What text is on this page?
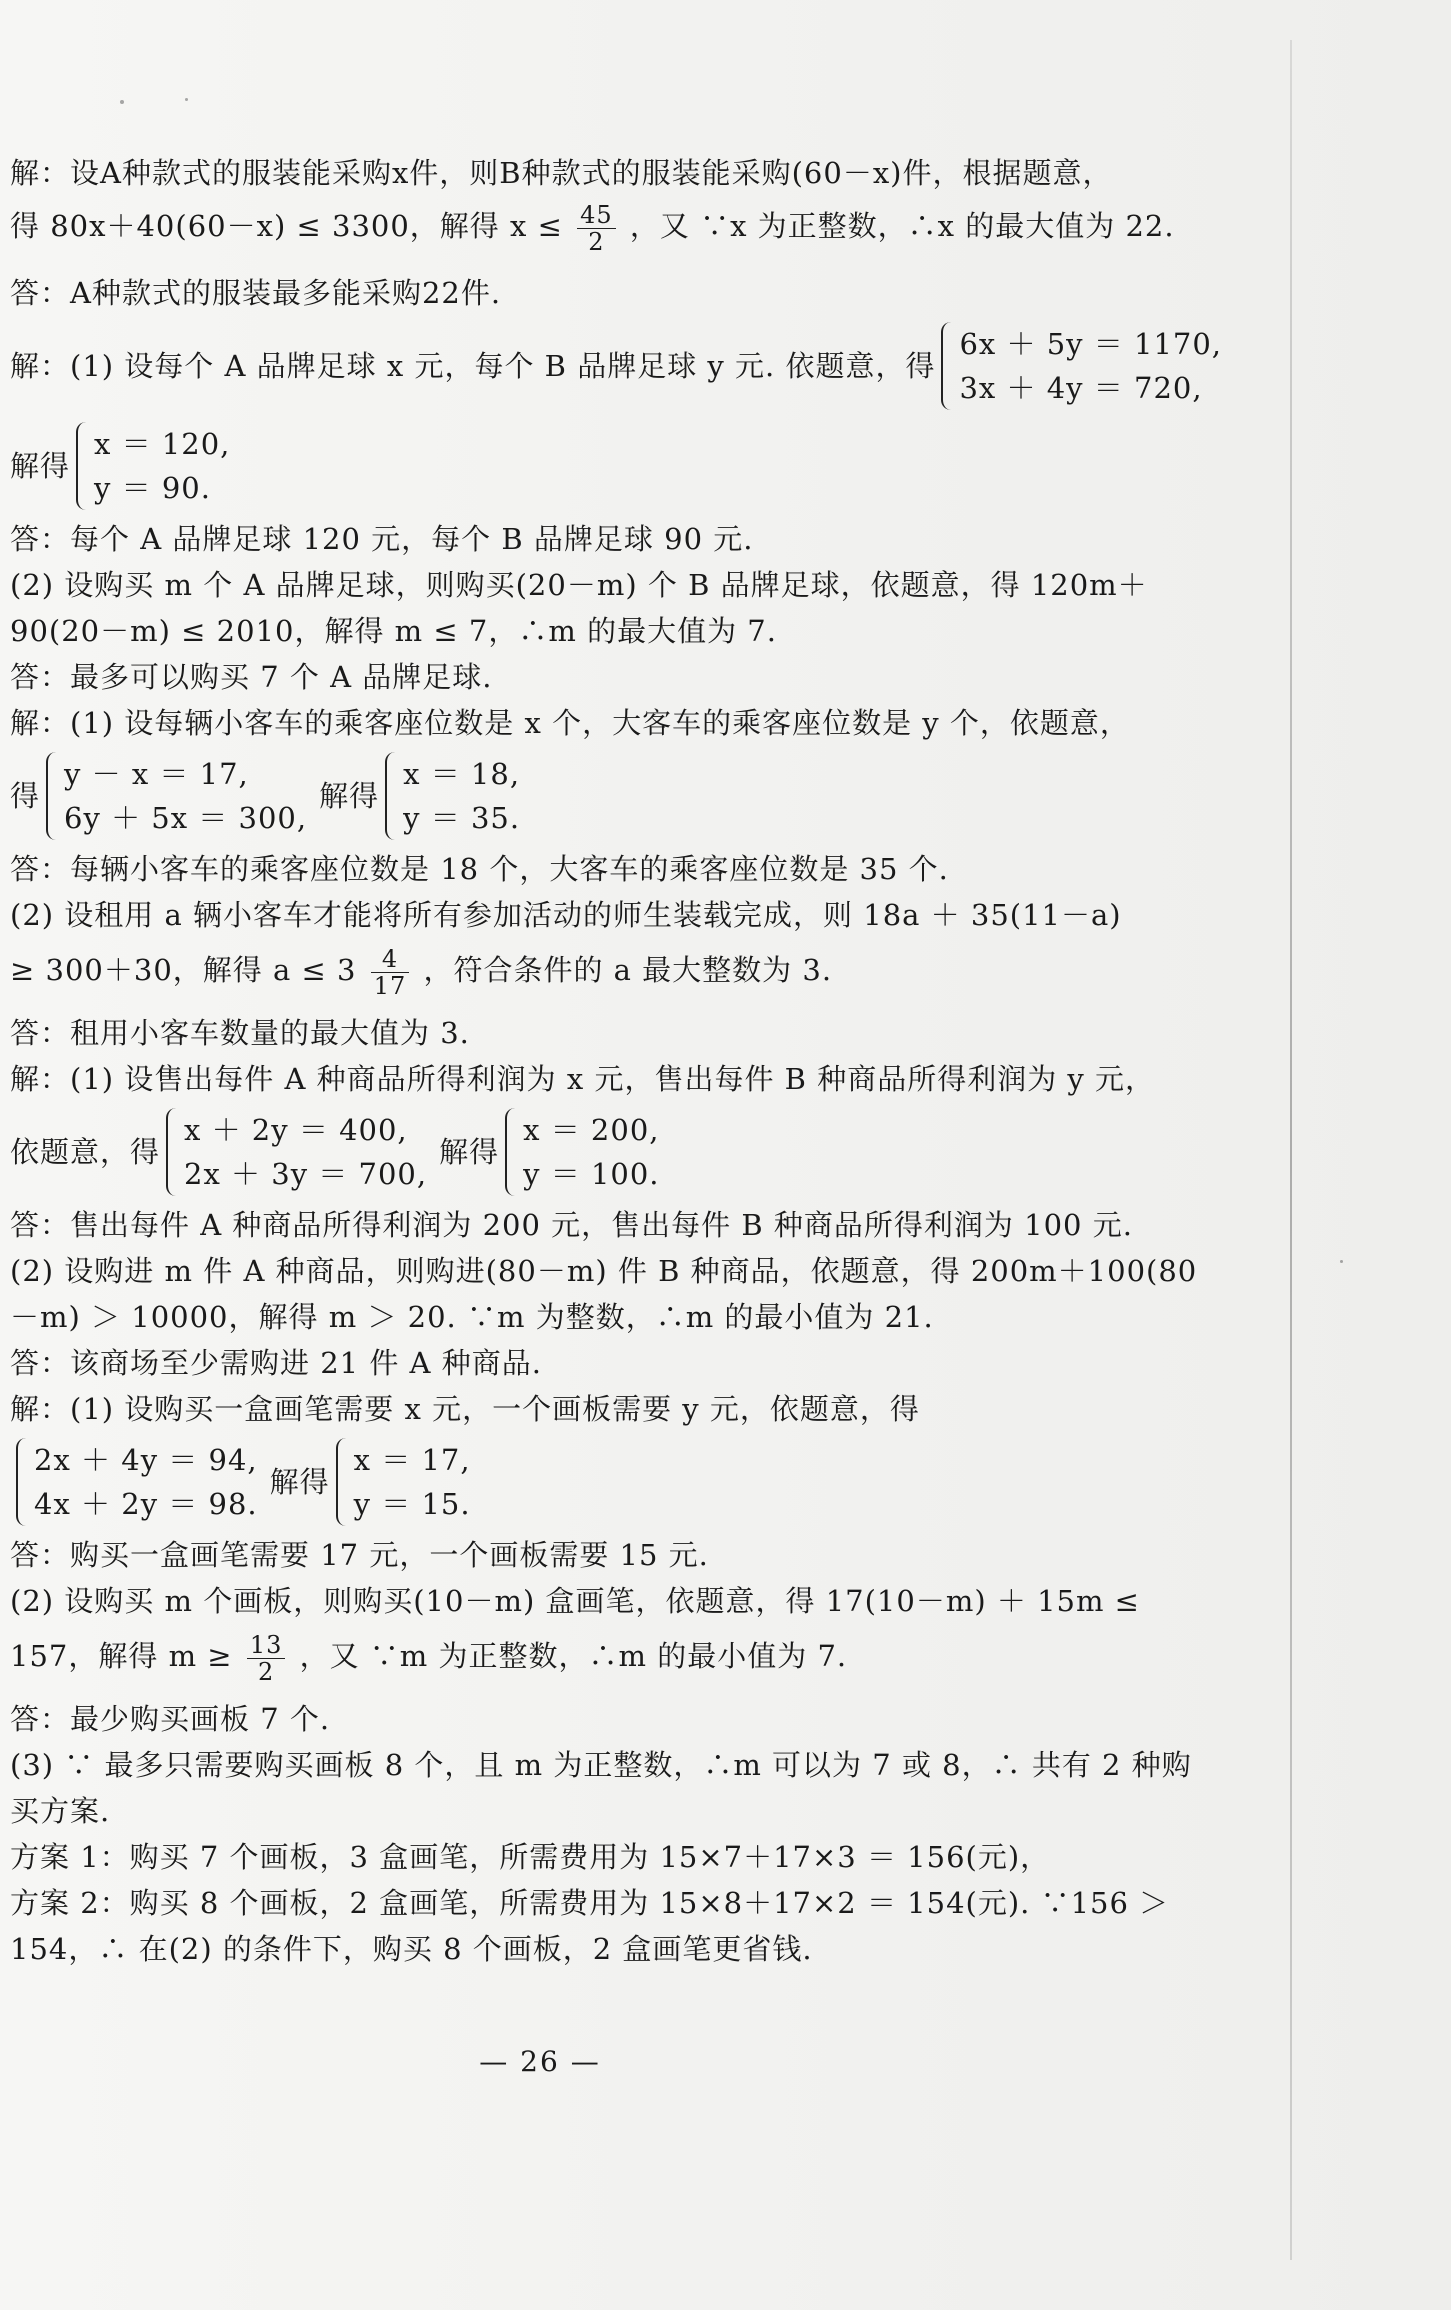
解：设A种款式的服装能采购x件，则B种款式的服装能采购(60－x)件，根据题意，
得 80x＋40(60－x) ≤ 3300，解得 $x \le \frac{45}{2}$ ，又 ∵x 为正整数，∴x 的最大值为 22.
答：A种款式的服装最多能采购22件.
解：(1) 设每个 A 品牌足球 x 元，每个 B 品牌足球 y 元. 依题意，得
6x ＋ 5y ＝ 1170,
3x ＋ 4y ＝ 720,
解得
x ＝ 120,
y ＝ 90.
答：每个 A 品牌足球 120 元，每个 B 品牌足球 90 元.
(2) 设购买 m 个 A 品牌足球，则购买(20－m) 个 B 品牌足球，依题意，得 120m＋
90(20－m) ≤ 2010，解得 m ≤ 7，∴m 的最大值为 7.
答：最多可以购买 7 个 A 品牌足球.
解：(1) 设每辆小客车的乘客座位数是 x 个，大客车的乘客座位数是 y 个，依题意，
得
y － x ＝ 17,
6y ＋ 5x ＝ 300,
解得
x ＝ 18,
y ＝ 35.
答：每辆小客车的乘客座位数是 18 个，大客车的乘客座位数是 35 个.
(2) 设租用 a 辆小客车才能将所有参加活动的师生装载完成，则 18a ＋ 35(11－a)
≥ 300＋30，解得 $a \le 3 \frac{4}{17}$ ，符合条件的 a 最大整数为 3.
答：租用小客车数量的最大值为 3.
解：(1) 设售出每件 A 种商品所得利润为 x 元，售出每件 B 种商品所得利润为 y 元，
依题意，得
x ＋ 2y ＝ 400,
2x ＋ 3y ＝ 700,
解得
x ＝ 200,
y ＝ 100.
答：售出每件 A 种商品所得利润为 200 元，售出每件 B 种商品所得利润为 100 元.
(2) 设购进 m 件 A 种商品，则购进(80－m) 件 B 种商品，依题意，得 200m＋100(80
－m) ＞ 10000，解得 m ＞ 20. ∵m 为整数，∴m 的最小值为 21.
答：该商场至少需购进 21 件 A 种商品.
解：(1) 设购买一盒画笔需要 x 元，一个画板需要 y 元，依题意，得
2x ＋ 4y ＝ 94,
4x ＋ 2y ＝ 98.
解得
x ＝ 17,
y ＝ 15.
答：购买一盒画笔需要 17 元，一个画板需要 15 元.
(2) 设购买 m 个画板，则购买(10－m) 盒画笔，依题意，得 17(10－m) ＋ 15m ≤
157，解得 $m \ge \frac{13}{2}$ ，又 ∵m 为正整数，∴m 的最小值为 7.
答：最少购买画板 7 个.
(3) ∵ 最多只需要购买画板 8 个，且 m 为正整数，∴m 可以为 7 或 8，∴ 共有 2 种购
买方案.
方案 1：购买 7 个画板，3 盒画笔，所需费用为 15×7＋17×3 ＝ 156(元)，
方案 2：购买 8 个画板，2 盒画笔，所需费用为 15×8＋17×2 ＝ 154(元). ∵156 ＞
154，∴ 在(2) 的条件下，购买 8 个画板，2 盒画笔更省钱.
— 26 —
